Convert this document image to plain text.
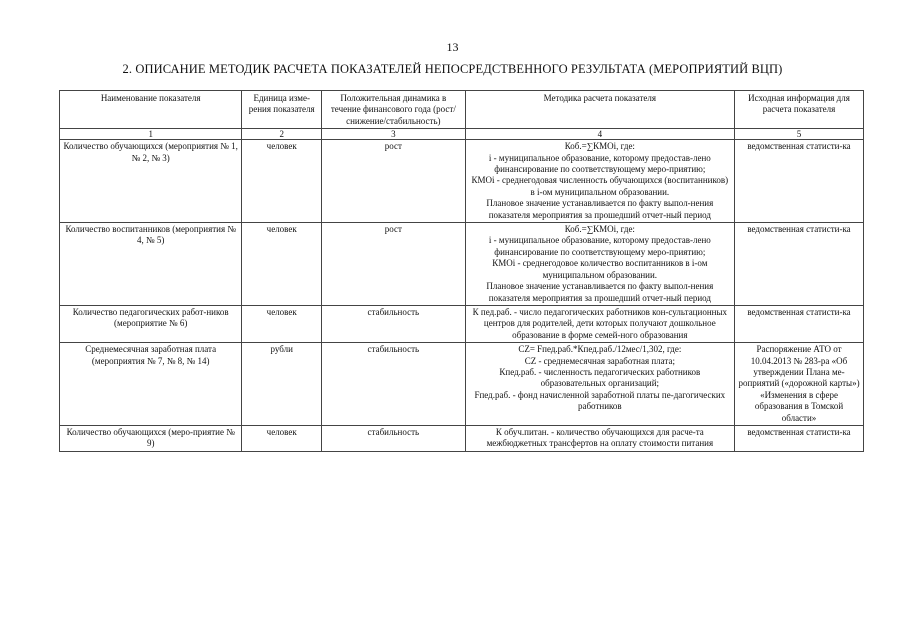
13
2. ОПИСАНИЕ МЕТОДИК РАСЧЕТА ПОКАЗАТЕЛЕЙ НЕПОСРЕДСТВЕННОГО РЕЗУЛЬТАТА (МЕРОПРИЯТИЙ ВЦП)
Наименование показателя	Единица изме-рения показателя	Положительная динамика в течение финансового года (рост/снижение/стабильность)	Методика расчета показателя	Исходная информация для расчета показателя
1	2	3	4	5
Количество обучающихся (мероприятия № 1, № 2, № 3)	человек	рост	Коб.=∑КМОi, где:

i - муниципальное образование, которому предостав-лено финансирование по соответствующему меро-приятию;

КМОi - среднегодовая численность обучающихся (воспитанников) в i-ом муниципальном образовании.

Плановое значение устанавливается по факту выпол-нения показателя мероприятия за прошедший отчет-ный период	ведомственная статисти-ка
Количество воспитанников (мероприятия № 4, № 5)	человек	рост	Коб.=∑КМОi, где:

i - муниципальное образование, которому предостав-лено финансирование по соответствующему меро-приятию;

КМОi - среднегодовое количество воспитанников в i-ом муниципальном образовании.

Плановое значение устанавливается по факту выпол-нения показателя мероприятия за прошедший отчет-ный период	ведомственная статисти-ка
Количество педагогических работ-ников (мероприятие № 6)	человек	стабильность	К пед.раб. - число педагогических работников кон-сультационных центров для родителей, дети которых получают дошкольное образование в форме семей-ного образования	ведомственная статисти-ка
Среднемесячная заработная плата (мероприятия № 7, № 8, № 14)	рубли	стабильность	CZ= Fпед.раб.*Кпед.раб./12мес/1,302, где:

CZ - среднемесячная заработная плата;

Кпед.раб. - численность педагогических работников образовательных организаций;

Fпед.раб. - фонд начисленной заработной платы пе-дагогических работников	Распоряжение АТО от 10.04.2013 № 283-ра «Об утверждении Плана ме-роприятий («дорожной карты») «Изменения в сфере образования в Томской области»
Количество обучающихся (меро-приятие № 9)	человек	стабильность	К обуч.питан. - количество обучающихся для расче-та межбюджетных трансфертов на оплату стоимости питания	ведомственная статисти-ка
